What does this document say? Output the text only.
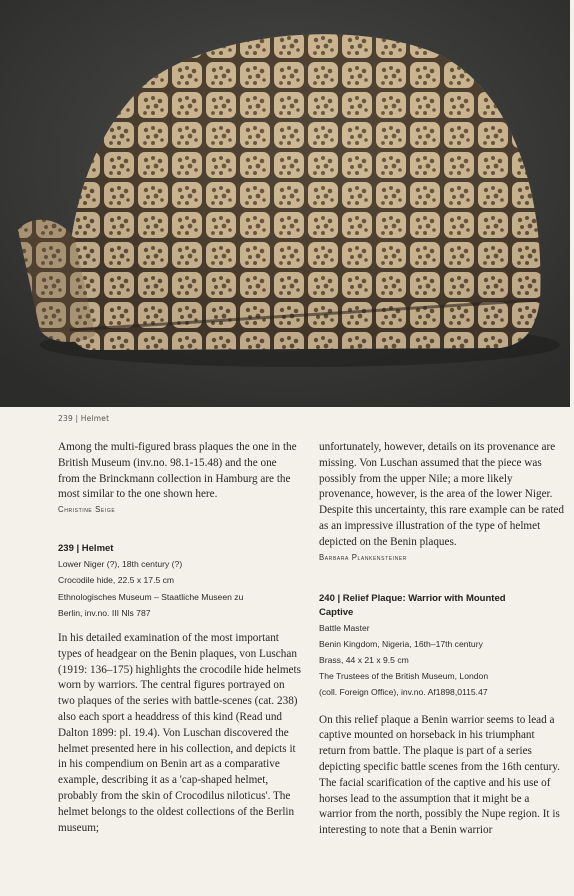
239 | Helmet

Among the multi-figured brass plaques the one in the British Museum (inv.no. 98.1-15.48) and the one from the Brinckmann collection in Hamburg are the most similar to the one shown here.

Christine Seige

239 | Helmet

Lower Niger (?), 18th century (?)

Crocodile hide, 22.5 x 17.5 cm

Ethnologisches Museum – Staatliche Museen zu

Berlin, inv.no. III Nls 787

In his detailed examination of the most important types of headgear on the Benin plaques, von Luschan (1919: 136–175) highlights the crocodile hide helmets worn by warriors. The central figures portrayed on two plaques of the series with battle-scenes (cat. 238) also each sport a headdress of this kind (Read und Dalton 1899: pl. 19.4). Von Luschan discovered the helmet presented here in his collection, and depicts it in his compendium on Benin art as a comparative example, describing it as a 'cap-shaped helmet, probably from the skin of Crocodilus niloticus'. The helmet belongs to the oldest collections of the Berlin museum;

unfortunately, however, details on its provenance are missing. Von Luschan assumed that the piece was possibly from the upper Nile; a more likely provenance, however, is the area of the lower Niger. Despite this uncertainty, this rare example can be rated as an impressive illustration of the type of helmet depicted on the Benin plaques.

Barbara Plankensteiner

240 | Relief Plaque: Warrior with Mounted

Captive

Battle Master

Benin Kingdom, Nigeria, 16th–17th century

Brass, 44 x 21 x 9.5 cm

The Trustees of the British Museum, London

(coll. Foreign Office), inv.no. Af1898,0115.47

On this relief plaque a Benin warrior seems to lead a captive mounted on horseback in his triumphant return from battle. The plaque is part of a series depicting specific battle scenes from the 16th century. The facial scarification of the captive and his use of horses lead to the assumption that it might be a warrior from the north, possibly the Nupe region. It is interesting to note that a Benin warrior
